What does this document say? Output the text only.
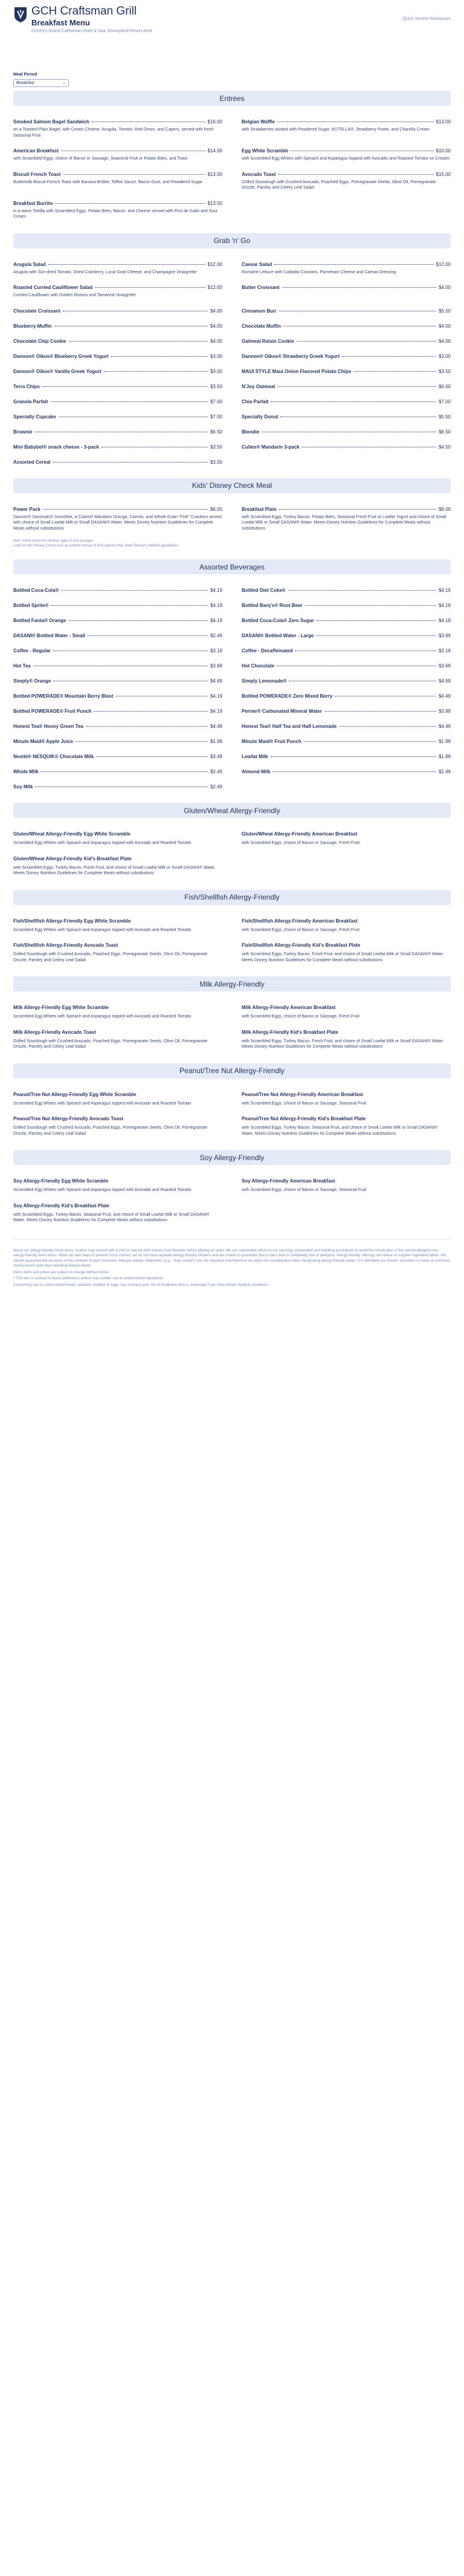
GCH Craftsman Grill
Breakfast Menu
Disney's Grand Californian Hotel & Spa, Disneyland Resort Area
Quick Service Restaurant
Meal Period
Breakfast	⌄
Entrées
Smoked Salmon Bagel Sandwich	$16.00
on a Toasted Plain Bagel, with Cream Cheese, Arugula, Tomato, Red Onion, and Capers, served with fresh Seasonal Fruit
Belgian Waffle	$13.00
with Strawberries dusted with Powdered Sugar, NUTELLA®, Strawberry Purée, and Chantilly Cream
American Breakfast	$14.00
with Scrambled Eggs, choice of Bacon or Sausage, Seasonal Fruit or Potato Bites, and Toast
Egg White Scramble	$10.00
with Scrambled Egg Whites with Spinach and Asparagus topped with Avocado and Roasted Tomato on Crostini
Biscuit French Toast	$13.00
Buttermilk Biscuit French Toast with Banana Brûlée, Toffee Sauce, Bacon Dust, and Powdered Sugar
Avocado Toast	$15.00
Grilled Sourdough with Crushed Avocado, Poached Eggs, Pomegranate Seeds, Olive Oil, Pomegranate Drizzle, Parsley and Celery Leaf Salad
Breakfast Burrito	$13.00
in a warm Tortilla with Scrambled Eggs, Potato Bites, Bacon, and Cheese served with Pico de Gallo and Sour Cream
Grab 'n' Go
Arugula Salad	$12.00
Arugula with Sun-dried Tomato, Dried Cranberry, Local Goat Cheese, and Champagne Vinaigrette
Caesar Salad	$12.00
Romaine Lettuce with Ciabatta Croutons, Parmesan Cheese and Caesar Dressing
Roasted Curried Cauliflower Salad	$12.00
Curried Cauliflower with Golden Raisins and Tamarind Vinaigrette
Butter Croissant	$4.00
Chocolate Croissant	$4.00	Cinnamon Bun	$5.50
Blueberry Muffin	$4.00	Chocolate Muffin	$4.00
Chocolate Chip Cookie	$4.00	Oatmeal Raisin Cookie	$4.00
Dannon® Oikos® Blueberry Greek Yogurt	$3.00	Dannon® Oikos® Strawberry Greek Yogurt	$3.00
Dannon® Oikos® Vanilla Greek Yogurt	$3.00	MAUI STYLE Maui Onion Flavored Potato Chips	$3.50
Terra Chips	$3.50	N'Joy Oatmeal	$6.00
Granola Parfait	$7.00	Chia Parfait	$7.00
Specialty Cupcake	$7.00	Specialty Donut	$5.50
Brownie	$6.50	Blondie	$6.50
Mini Babybel® snack cheese - 3-pack	$3.50	Cuties® Mandarin 3-pack	$4.50
Assorted Cereal	$3.00
Kids' Disney Check Meal
Power Pack	$6.00
Dannon® Danimals® Smoothie, a Cuties® Mandarin Orange, Carrots, and Whole Grain "Fish" Crackers served with choice of Small Lowfat Milk or Small DASANI® Water. Meets Disney Nutrition Guidelines for Complete Meals without substitutions
Breakfast Plate	$8.00
with Scrambled Eggs, Turkey Bacon, Potato Bites, Seasonal Fresh Fruit or Lowfat Yogurt and choice of Small Lowfat Milk or Small DASANI® Water. Meets Disney Nutrition Guidelines for Complete Meals without substitutions
Kids' menu items for children ages 9 and younger.
Look for the Disney Check icon on printed menus to find options that meet Disney's nutrition guidelines.
Assorted Beverages
Bottled Coca-Cola®	$4.19	Bottled Diet Coke®	$4.19
Bottled Sprite®	$4.19	Bottled Barq's® Root Beer	$4.19
Bottled Fanta® Orange	$4.19	Bottled Coca-Cola® Zero Sugar	$4.19
DASANI® Bottled Water - Small	$2.49	DASANI® Bottled Water - Large	$3.99
Coffee - Regular	$3.19	Coffee - Decaffeinated	$3.19
Hot Tea	$3.69	Hot Chocolate	$3.69
Simply® Orange	$4.69	Simply Lemonade®	$4.69
Bottled POWERADE® Mountain Berry Blast	$4.19	Bottled POWERADE® Zero Mixed Berry	$4.49
Bottled POWERADE® Fruit Punch	$4.19	Perrier® Carbonated Mineral Water	$3.99
Honest Tea® Honey Green Tea	$4.49	Honest Tea® Half Tea and Half Lemonade	$4.49
Minute Maid® Apple Juice	$1.99	Minute Maid® Fruit Punch	$1.99
Nestlé® NESQUIK® Chocolate Milk	$3.49	Lowfat Milk	$1.99
Whole Milk	$2.49	Almond Milk	$2.49
Soy Milk	$2.49
Gluten/Wheat Allergy-Friendly
Gluten/Wheat Allergy-Friendly Egg White Scramble
Scrambled Egg Whites with Spinach and Asparagus topped with Avocado and Roasted Tomato
Gluten/Wheat Allergy-Friendly American Breakfast
with Scrambled Eggs, choice of Bacon or Sausage, Fresh Fruit
Gluten/Wheat Allergy-Friendly Kid's Breakfast Plate
with Scrambled Eggs, Turkey Bacon, Fresh Fruit, and choice of Small Lowfat Milk or Small DASANI® Water. Meets Disney Nutrition Guidelines for Complete Meals without substitutions
Fish/Shellfish Allergy-Friendly
Fish/Shellfish Allergy-Friendly Egg White Scramble
Scrambled Egg Whites with Spinach and Asparagus topped with Avocado and Roasted Tomato
Fish/Shellfish Allergy-Friendly American Breakfast
with Scrambled Eggs, choice of Bacon or Sausage, Fresh Fruit
Fish/Shellfish Allergy-Friendly Avocado Toast
Grilled Sourdough with Crushed Avocado, Poached Eggs, Pomegranate Seeds, Olive Oil, Pomegranate Drizzle, Parsley and Celery Leaf Salad
Fish/Shellfish Allergy-Friendly Kid's Breakfast Plate
with Scrambled Eggs, Turkey Bacon, Fresh Fruit, and choice of Small Lowfat Milk or Small DASANI® Water. Meets Disney Nutrition Guidelines for Complete Meals without substitutions
Milk Allergy-Friendly
Milk Allergy-Friendly Egg White Scramble
Scrambled Egg Whites with Spinach and Asparagus topped with Avocado and Roasted Tomato
Milk Allergy-Friendly American Breakfast
with Scrambled Eggs, choice of Bacon or Sausage, Fresh Fruit
Milk Allergy-Friendly Avocado Toast
Grilled Sourdough with Crushed Avocado, Poached Eggs, Pomegranate Seeds, Olive Oil, Pomegranate Drizzle, Parsley and Celery Leaf Salad
Milk Allergy-Friendly Kid's Breakfast Plate
with Scrambled Eggs, Turkey Bacon, Fresh Fruit, and choice of Small Lowfat Milk or Small DASANI® Water. Meets Disney Nutrition Guidelines for Complete Meals without substitutions
Peanut/Tree Nut Allergy-Friendly
Peanut/Tree Nut Allergy-Friendly Egg White Scramble
Scrambled Egg Whites with Spinach and Asparagus topped with Avocado and Roasted Tomato
Peanut/Tree Nut Allergy-Friendly American Breakfast
with Scrambled Eggs, choice of Bacon or Sausage, Seasonal Fruit
Peanut/Tree Nut Allergy-Friendly Avocado Toast
Grilled Sourdough with Crushed Avocado, Poached Eggs, Pomegranate Seeds, Olive Oil, Pomegranate Drizzle, Parsley and Celery Leaf Salad
Peanut/Tree Nut Allergy-Friendly Kid's Breakfast Plate
with Scrambled Eggs, Turkey Bacon, Seasonal Fruit, and choice of Small Lowfat Milk or Small DASANI® Water. Meets Disney Nutrition Guidelines for Complete Meals without substitutions
Soy Allergy-Friendly
Soy Allergy-Friendly Egg White Scramble
Scrambled Egg Whites with Spinach and Asparagus topped with Avocado and Roasted Tomato
Soy Allergy-Friendly American Breakfast
with Scrambled Eggs, choice of Bacon or Sausage, Seasonal Fruit
Soy Allergy-Friendly Kid's Breakfast Plate
with Scrambled Eggs, Turkey Bacon, Seasonal Fruit, and choice of Small Lowfat Milk or Small DASANI® Water. Meets Disney Nutrition Guidelines for Complete Meals without substitutions

About our allergy-friendly menu items: Guests may consult with a chef or special diets trained Cast Member before placing an order. We use reasonable efforts in our sourcing, preparation and handling procedures to avoid the introduction of the named allergens into allergy-friendly menu items. While we take steps to prevent cross-contact, we do not have separate allergy-friendly kitchens and are unable to guarantee that a menu item is completely free of allergens. Allergy-friendly offerings are reliant on supplier ingredient labels. We cannot guarantee the accuracy of the contents of each food item. Allergen dietary statements (e.g., "may contain") are not regulated and therefore we adjust for consideration when designating allergy-friendly meals. It is ultimately our Guests' discretion to make an informed choice based upon their individual dietary needs.

Menu items and prices are subject to change without notice.

* This item is cooked to Guest preference and/or may contain raw or undercooked ingredients.

Consuming raw or undercooked meats, seafood, shellfish or eggs may increase your risk of foodborne illness, especially if you have certain medical conditions.
